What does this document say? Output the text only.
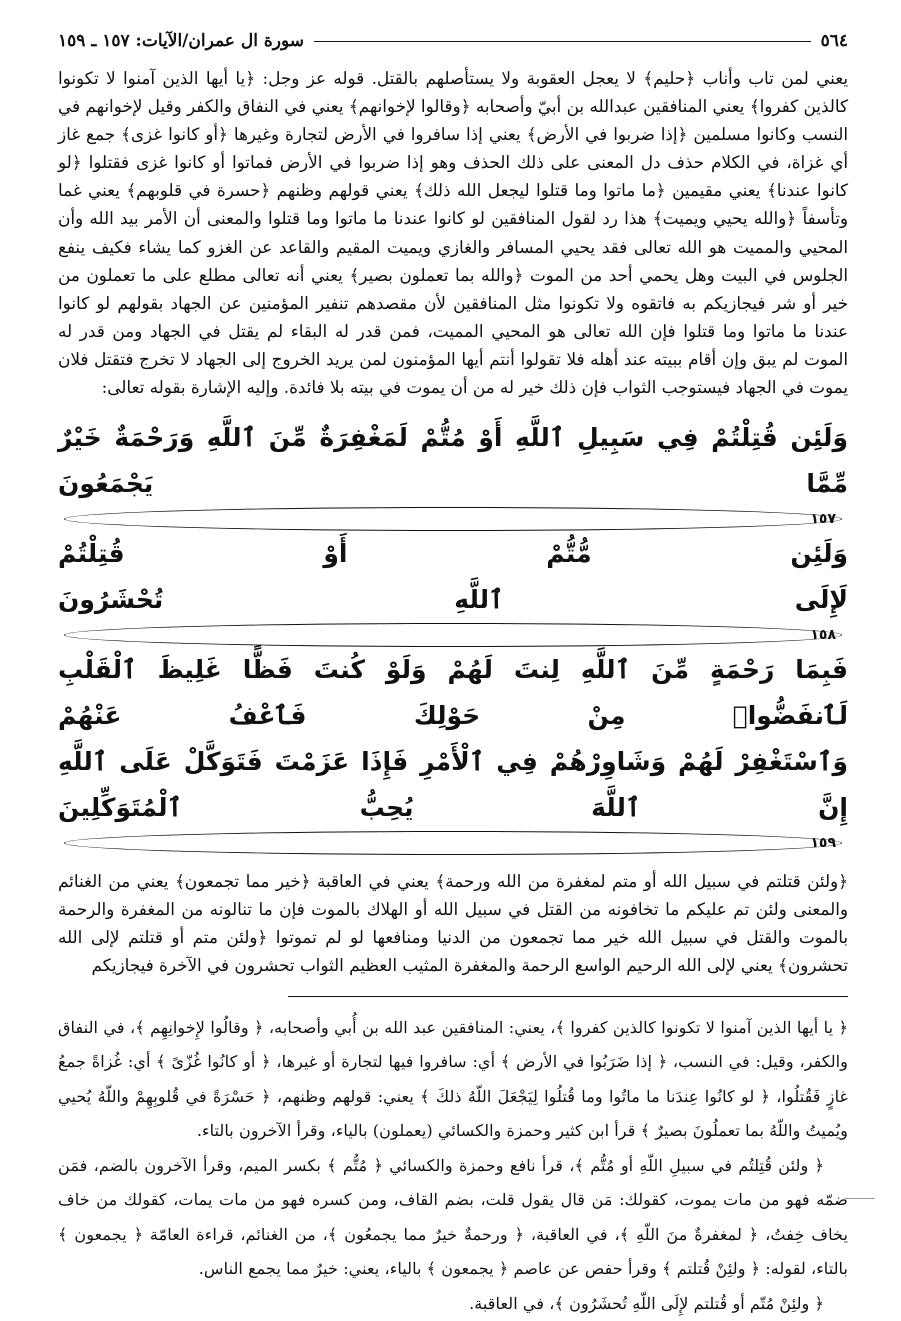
٥٦٤
سورة ال عمران/الآيات: ١٥٧ ـ ١٥٩

يعني لمن تاب وأناب ﴿حليم﴾ لا يعجل العقوبة ولا يستأصلهم بالقتل. قوله عز وجل: ﴿يا أيها الذين آمنوا لا تكونوا كالذين كفروا﴾ يعني المنافقين عبدالله بن أبيّ وأصحابه ﴿وقالوا لإخوانهم﴾ يعني في النفاق والكفر وقيل لإخوانهم في النسب وكانوا مسلمين ﴿إذا ضربوا في الأرض﴾ يعني إذا سافروا في الأرض لتجارة وغيرها ﴿أو كانوا غزى﴾ جمع غاز أي غزاة، في الكلام حذف دل المعنى على ذلك الحذف وهو إذا ضربوا في الأرض فماتوا أو كانوا غزى فقتلوا ﴿لو كانوا عندنا﴾ يعني مقيمين ﴿ما ماتوا وما قتلوا ليجعل الله ذلك﴾ يعني قولهم وظنهم ﴿حسرة في قلوبهم﴾ يعني غما وتأسفاً ﴿والله يحيي ويميت﴾ هذا رد لقول المنافقين لو كانوا عندنا ما ماتوا وما قتلوا والمعنى أن الأمر بيد الله وأن المحيي والمميت هو الله تعالى فقد يحيي المسافر والغازي ويميت المقيم والقاعد عن الغزو كما يشاء فكيف ينفع الجلوس في البيت وهل يحمي أحد من الموت ﴿والله بما تعملون بصير﴾ يعني أنه تعالى مطلع على ما تعملون من خير أو شر فيجازيكم به فاتقوه ولا تكونوا مثل المنافقين لأن مقصدهم تنفير المؤمنين عن الجهاد بقولهم لو كانوا عندنا ما ماتوا وما قتلوا فإن الله تعالى هو المحيي المميت، فمن قدر له البقاء لم يقتل في الجهاد ومن قدر له الموت لم يبق وإن أقام ببيته عند أهله فلا تقولوا أنتم أيها المؤمنون لمن يريد الخروج إلى الجهاد لا تخرج فتقتل فلان يموت في الجهاد فيستوجب الثواب فإن ذلك خير له من أن يموت في بيته بلا فائدة. وإليه الإشارة بقوله تعالى:

وَلَئِن قُتِلْتُمْ فِي سَبِيلِ ٱللَّهِ أَوْ مُتُّمْ لَمَغْفِرَةٌ مِّنَ ٱللَّهِ وَرَحْمَةٌ خَيْرٌ مِّمَّا يَجْمَعُونَ
١٥٧
وَلَئِن مُّتُّمْ أَوْ قُتِلْتُمْ
لَإِلَى ٱللَّهِ تُحْشَرُونَ
١٥٨
فَبِمَا رَحْمَةٍ مِّنَ ٱللَّهِ لِنتَ لَهُمْ وَلَوْ كُنتَ فَظًّا غَلِيظَ ٱلْقَلْبِ لَٱنفَضُّوا۟ مِنْ حَوْلِكَ فَٱعْفُ عَنْهُمْ
وَٱسْتَغْفِرْ لَهُمْ وَشَاوِرْهُمْ فِي ٱلْأَمْرِ فَإِذَا عَزَمْتَ فَتَوَكَّلْ عَلَى ٱللَّهِ إِنَّ ٱللَّهَ يُحِبُّ ٱلْمُتَوَكِّلِينَ
١٥٩

﴿ولئن قتلتم في سبيل الله أو متم لمغفرة من الله ورحمة﴾ يعني في العاقبة ﴿خير مما تجمعون﴾ يعني من الغنائم والمعنى ولئن تم عليكم ما تخافونه من القتل في سبيل الله أو الهلاك بالموت فإن ما تنالونه من المغفرة والرحمة بالموت والقتل في سبيل الله خير مما تجمعون من الدنيا ومنافعها لو لم تموتوا ﴿ولئن متم أو قتلتم لإلى الله تحشرون﴾ يعني لإلى الله الرحيم الواسع الرحمة والمغفرة المثيب العظيم الثواب تحشرون في الآخرة فيجازيكم

﴿ يا أيها الذين آمنوا لا تكونوا كالذين كفروا ﴾، يعني: المنافقين عبد الله بن أُبي وأصحابه، ﴿ وقالُوا لإِخوانِهِم ﴾، في النفاق والكفر، وقيل: في النسب، ﴿ إذا ضَرَبُوا في الأرض ﴾ أي: سافروا فيها لتجارة أو غيرها، ﴿ أو كانُوا غُزّىً ﴾ أي: غُزاةً جمعُ غازٍ فَقُتلُوا، ﴿ لو كانُوا عِندَنا ما ماتُوا وما قُتلُوا لِيَجْعَلَ اللّهُ ذلكَ ﴾ يعني: قولهم وظنهم، ﴿ حَسْرَةً في قُلوبِهِمْ واللّهُ يُحيي ويُميتُ واللّهُ بما تعملُونَ بصيرٌ ﴾ قرأ ابن كثير وحمزة والكسائي (يعملون) بالياء، وقرأ الآخرون بالتاء.

﴿ ولئن قُتِلتُم في سبيلِ اللّهِ أو مُتُّم ﴾، قرأ نافع وحمزة والكسائي ﴿ مُتُّم ﴾ بكسر الميم، وقرأ الآخرون بالضم، فمَن ضمّه فهو من مات يموت، كقولك: مَن قال يقول قلت، بضم القاف، ومن كسره فهو من مات يمات، كقولك من خاف يخاف خِفتُ، ﴿ لمغفرةٌ منَ اللّهِ ﴾، في العاقبة، ﴿ ورحمةٌ خيرٌ مما يجمعُون ﴾، من الغنائم، قراءة العامّة ﴿ يجمعون ﴾ بالتاء، لقوله: ﴿ ولئِنْ قُتلتم ﴾ وقرأ حفص عن عاصم ﴿ يجمعون ﴾ بالياء، يعني: خيرٌ مما يجمع الناس.

﴿ ولئِنْ مُتّم أو قُتلتم لإِلَى اللّهِ تُحشَرُون ﴾، في العاقبة.
